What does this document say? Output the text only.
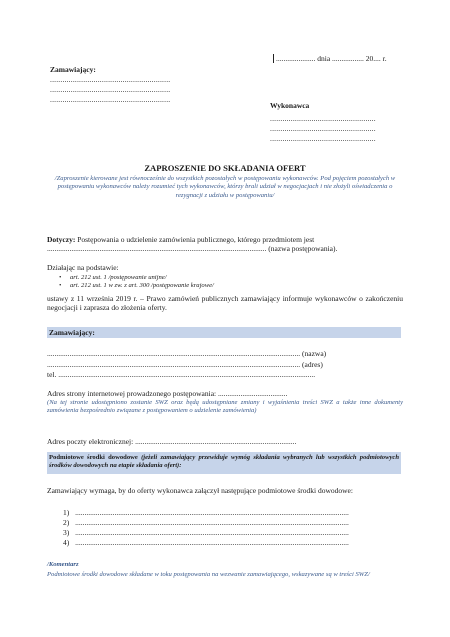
..................... dnia ................. 20.... r.
Zamawiający:
..........................................................
..........................................................
..........................................................
Wykonawca
...................................................
...................................................
...................................................
ZAPROSZENIE DO SKŁADANIA OFERT
/Zaproszenie kierowane jest równocześnie do wszystkich pozostałych w postępowaniu wykonawców. Pod pojęciem pozostałych w postępowaniu wykonawców należy rozumieć tych wykonawców, którzy brali udział w negocjacjach i nie złożyli oświadczenia o rezygnacji z udziału w postępowaniu/
Dotyczy: Postępowania o udzielenie zamówienia publicznego, którego przedmiotem jest
..................................................................................................................... (nazwa postępowania).
Działając na podstawie:
• art. 212 ust. 1 /postępowanie unijne/
• art. 212 ust. 1 w zw. z art. 300 /postępowanie krajowe/
ustawy z 11 września 2019 r. – Prawo zamówień publicznych zamawiający informuje wykonawców o zakończeniu negocjacji i zaprasza do złożenia oferty.
Zamawiający:
....................................................................................................................................... (nazwa)
....................................................................................................................................... (adres)
tel. .........................................................................................................................................
Adres strony internetowej prowadzonego postępowania: .....................................
(Na tej stronie udostępniono zostanie SWZ oraz będą udostępniane zmiany i wyjaśnienia treści SWZ a także inne dokumenty zamówienia bezpośrednio związane z postępowaniem o udzielenie zamówienia)
Adres poczty elektronicznej: ......................................................................................
Podmiotowe środki dowodowe (jeżeli zamawiający przewiduje wymóg składania wybranych lub wszystkich podmiotowych środków dowodowych na etapie składania ofert):
Zamawiający wymaga, by do oferty wykonawca załączył następujące podmiotowe środki dowodowe:
1) ..................................................................................................................................................
2) ..................................................................................................................................................
3) ..................................................................................................................................................
4) ..................................................................................................................................................
/Komentarz
Podmiotowe środki dowodowe składane w toku postępowania na wezwanie zamawiającego, wskazywane są w treści SWZ/
